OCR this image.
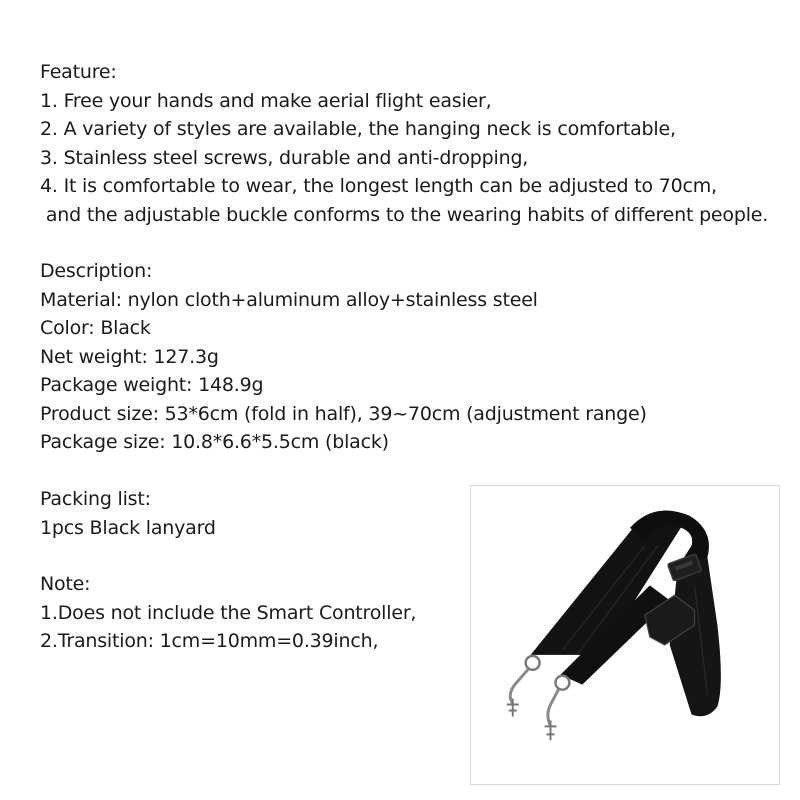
Feature:
1. Free your hands and make aerial flight easier,
2. A variety of styles are available, the hanging neck is comfortable,
3. Stainless steel screws, durable and anti-dropping,
4. It is comfortable to wear, the longest length can be adjusted to 70cm,
and the adjustable buckle conforms to the wearing habits of different people.
Description:
Material: nylon cloth+aluminum alloy+stainless steel
Color: Black
Net weight: 127.3g
Package weight: 148.9g
Product size: 53*6cm (fold in half), 39~70cm (adjustment range)
Package size: 10.8*6.6*5.5cm (black)
Packing list:
1pcs Black lanyard
Note:
1.Does not include the Smart Controller,
2.Transition: 1cm=10mm=0.39inch,
